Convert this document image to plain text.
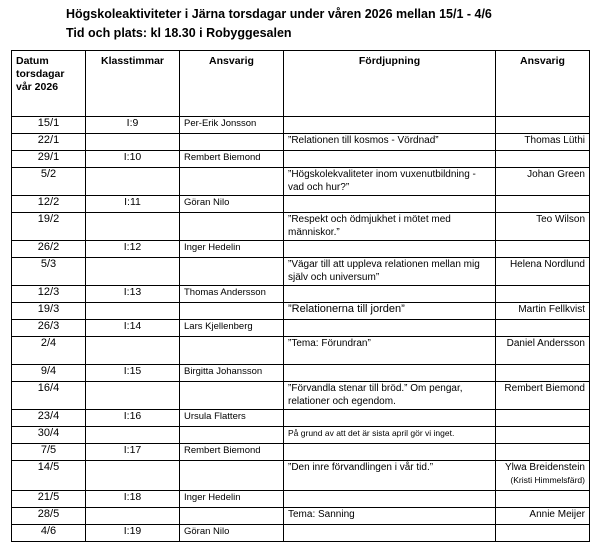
Högskoleaktiviteter i Järna torsdagar under våren 2026 mellan 15/1 - 4/6
Tid och plats: kl 18.30 i Robyggesalen
Datum torsdagar vår 2026	Klasstimmar	Ansvarig	Fördjupning	Ansvarig
15/1	I:9	Per-Erik Jonsson		
22/1			”Relationen till kosmos - Vördnad”	Thomas Lüthi
29/1	I:10	Rembert Biemond		
5/2			”Högskolekvaliteter inom vuxenutbildning - vad och hur?”	Johan Green
12/2	I:11	Göran Nilo		
19/2			”Respekt och ödmjukhet i mötet med människor.”	Teo Wilson
26/2	I:12	Inger Hedelin		
5/3			”Vägar till att uppleva relationen mellan mig själv och universum”	Helena Nordlund
12/3	I:13	Thomas Andersson		
19/3			”Relationerna till jorden”	Martin Fellkvist
26/3	I:14	Lars Kjellenberg		
2/4			”Tema: Förundran”	Daniel Andersson
9/4	I:15	Birgitta Johansson		
16/4			”Förvandla stenar till bröd.” Om pengar, relationer och egendom.	Rembert Biemond
23/4	I:16	Ursula Flatters		
30/4			På grund av att det är sista april gör vi inget.	
7/5	I:17	Rembert Biemond		
14/5			”Den inre förvandlingen i vår tid.”	Ylwa Breidenstein
(Kristi Himmelsfärd)

21/5	I:18	Inger Hedelin		
28/5			Tema: Sanning	Annie Meijer
4/6	I:19	Göran Nilo		
